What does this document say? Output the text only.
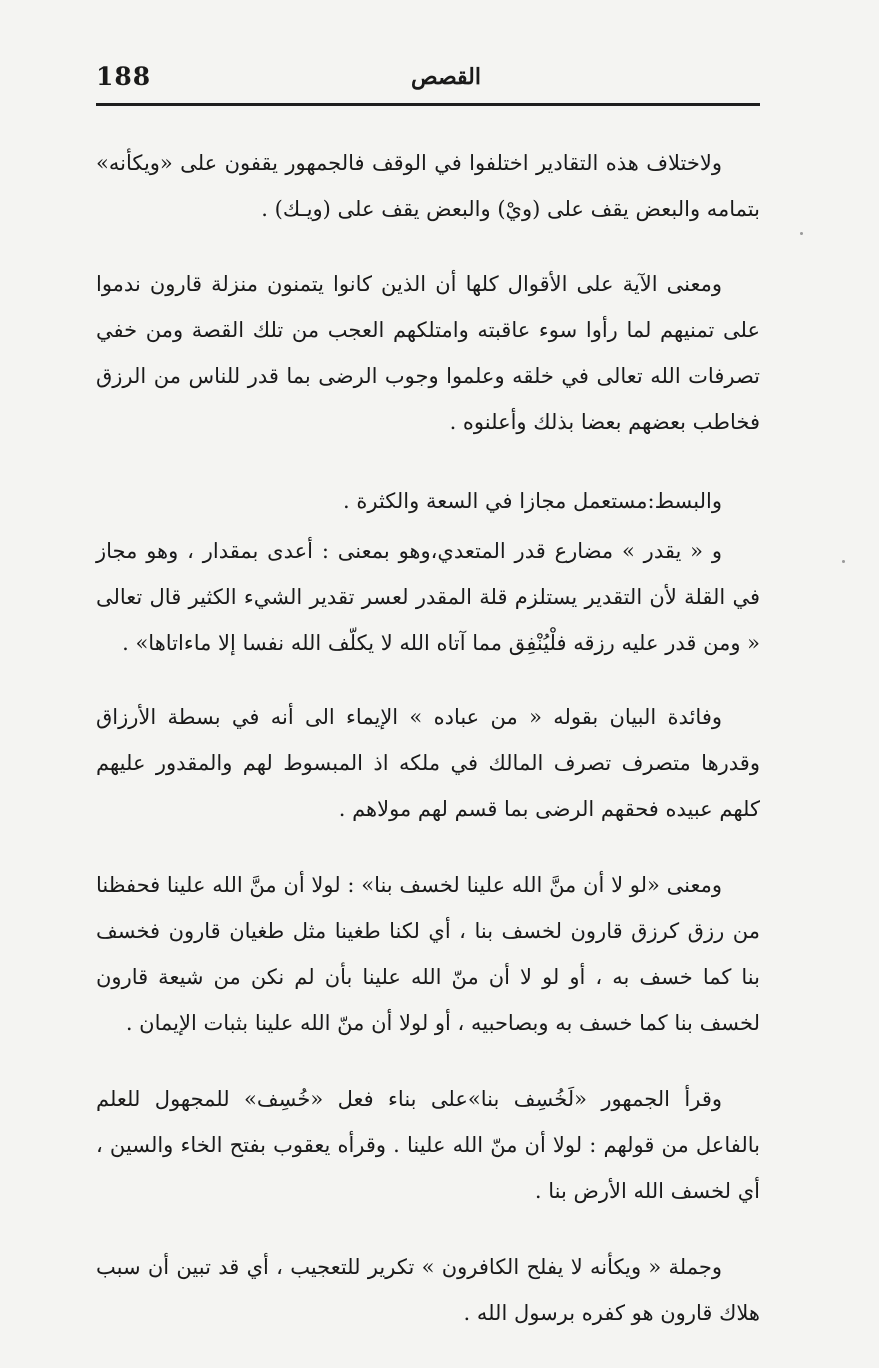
188	القصص

ولاختلاف هذه التقادير اختلفوا في الوقف فالجمهور يقفون على «ويكأنه» بتمامه والبعض يقف على (ويْ) والبعض يقف على (ويـك) .

ومعنى الآية على الأقوال كلها أن الذين كانوا يتمنون منزلة قارون ندموا على تمنيهم لما رأوا سوء عاقبته وامتلكهم العجب من تلك القصة ومن خفي تصرفات الله تعالى في خلقه وعلموا وجوب الرضى بما قدر للناس من الرزق فخاطب بعضهم بعضا بذلك وأعلنوه .

والبسط:مستعمل مجازا في السعة والكثرة .

و « يقدر » مضارع قدر المتعدي،وهو بمعنى : أعدى بمقدار ، وهو مجاز في القلة لأن التقدير يستلزم قلة المقدر لعسر تقدير الشيء الكثير قال تعالى « ومن قدر عليه رزقه فلْيُنْفِق مما آتاه الله لا يكلّف الله نفسا إلا ماءاتاها» .

وفائدة البيان بقوله « من عباده » الإيماء الى أنه في بسطة الأرزاق وقدرها متصرف تصرف المالك في ملكه اذ المبسوط لهم والمقدور عليهم كلهم عبيده فحقهم الرضى بما قسم لهم مولاهم .

ومعنى «لو لا أن منَّ الله علينا لخسف بنا» : لولا أن منَّ الله علينا فحفظنا من رزق كرزق قارون لخسف بنا ، أي لكنا طغينا مثل طغيان قارون فخسف بنا كما خسف به ، أو لو لا أن منّ الله علينا بأن لم نكن من شيعة قارون لخسف بنا كما خسف به وبصاحبيه ، أو لولا أن منّ الله علينا بثبات الإيمان .

وقرأ الجمهور «لَخُسِف بنا»على بناء فعل «خُسِف» للمجهول للعلم بالفاعل من قولهم : لولا أن منّ الله علينا . وقرأه يعقوب بفتح الخاء والسين ، أي لخسف الله الأرض بنا .

وجملة « ويكأنه لا يفلح الكافرون » تكرير للتعجيب ، أي قد تبين أن سبب هلاك قارون هو كفره برسول الله .
